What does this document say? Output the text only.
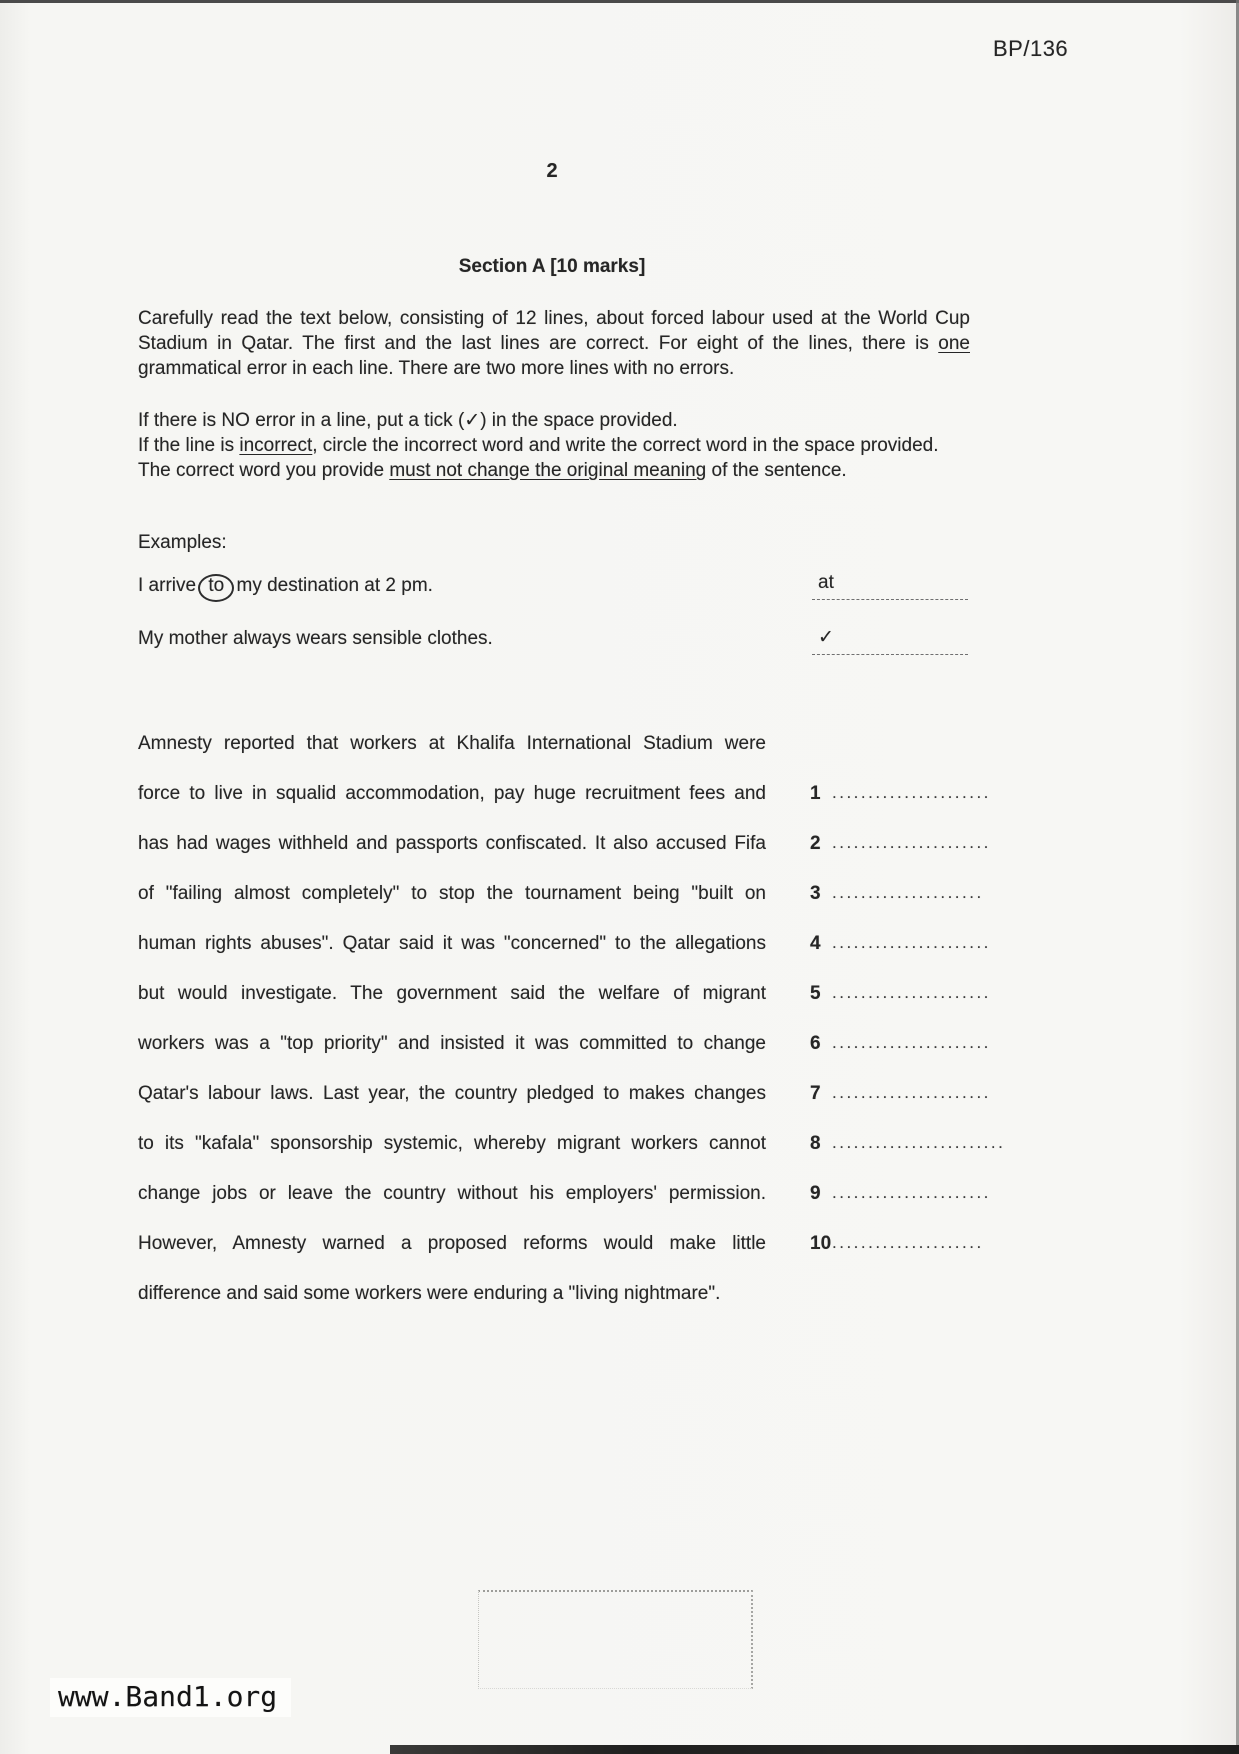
BP/136
2
Section A [10 marks]
Carefully read the text below, consisting of 12 lines, about forced labour used at the World Cup Stadium in Qatar. The first and the last lines are correct. For eight of the lines, there is one grammatical error in each line. There are two more lines with no errors.
If there is NO error in a line, put a tick (✓) in the space provided.
If the line is incorrect, circle the incorrect word and write the correct word in the space provided.
The correct word you provide must not change the original meaning of the sentence.
Examples:
I arrive to my destination at 2 pm.	at
My mother always wears sensible clothes.	✓
Amnesty reported that workers at Khalifa International Stadium were
force to live in squalid accommodation, pay huge recruitment fees and 1 ......................
has had wages withheld and passports confiscated. It also accused Fifa 2 ......................
of "failing almost completely" to stop the tournament being "built on 3 .....................
human rights abuses". Qatar said it was "concerned" to the allegations 4 ......................
but would investigate. The government said the welfare of migrant 5 ......................
workers was a "top priority" and insisted it was committed to change 6 ......................
Qatar's labour laws. Last year, the country pledged to makes changes 7 ......................
to its "kafala" sponsorship systemic, whereby migrant workers cannot 8 ........................
change jobs or leave the country without his employers' permission. 9 ......................
However, Amnesty warned a proposed reforms would make little 10.....................
difference and said some workers were enduring a "living nightmare".
www.Band1.org
